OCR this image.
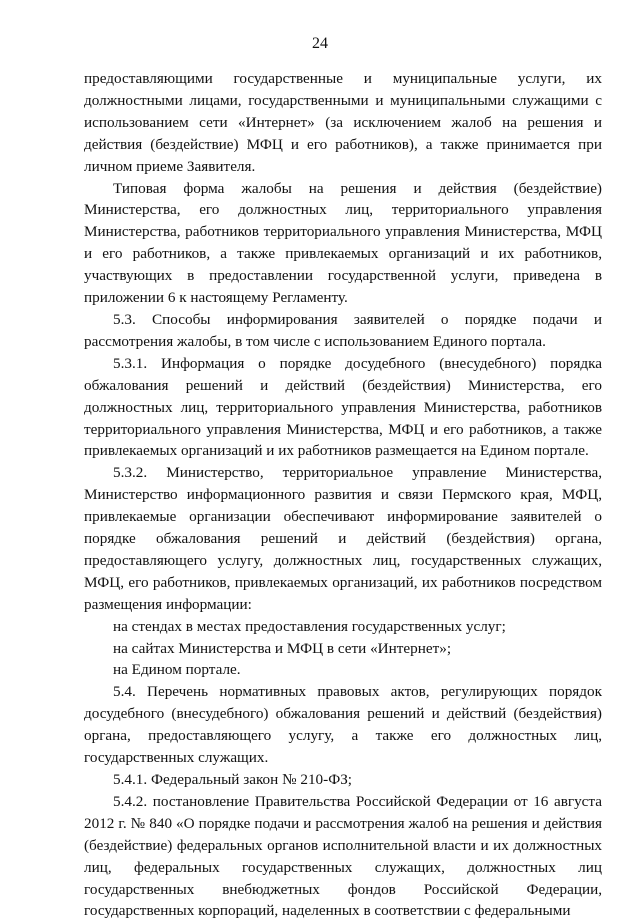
24

предоставляющими государственные и муниципальные услуги, их должностными лицами, государственными и муниципальными служащими с использованием сети «Интернет» (за исключением жалоб на решения и действия (бездействие) МФЦ и его работников), а также принимается при личном приеме Заявителя.

Типовая форма жалобы на решения и действия (бездействие) Министерства, его должностных лиц, территориального управления Министерства, работников территориального управления Министерства, МФЦ и его работников, а также привлекаемых организаций и их работников, участвующих в предоставлении государственной услуги, приведена в приложении 6 к настоящему Регламенту.

5.3. Способы информирования заявителей о порядке подачи и рассмотрения жалобы, в том числе с использованием Единого портала.

5.3.1. Информация о порядке досудебного (внесудебного) порядка обжалования решений и действий (бездействия) Министерства, его должностных лиц, территориального управления Министерства, работников территориального управления Министерства, МФЦ и его работников, а также привлекаемых организаций и их работников размещается на Едином портале.

5.3.2. Министерство, территориальное управление Министерства, Министерство информационного развития и связи Пермского края, МФЦ, привлекаемые организации обеспечивают информирование заявителей о порядке обжалования решений и действий (бездействия) органа, предоставляющего услугу, должностных лиц, государственных служащих, МФЦ, его работников, привлекаемых организаций, их работников посредством размещения информации:

на стендах в местах предоставления государственных услуг;

на сайтах Министерства и МФЦ в сети «Интернет»;

на Едином портале.

5.4. Перечень нормативных правовых актов, регулирующих порядок досудебного (внесудебного) обжалования решений и действий (бездействия) органа, предоставляющего услугу, а также его должностных лиц, государственных служащих.

5.4.1. Федеральный закон № 210-ФЗ;

5.4.2. постановление Правительства Российской Федерации от 16 августа 2012 г. № 840 «О порядке подачи и рассмотрения жалоб на решения и действия (бездействие) федеральных органов исполнительной власти и их должностных лиц, федеральных государственных служащих, должностных лиц государственных внебюджетных фондов Российской Федерации, государственных корпораций, наделенных в соответствии с федеральными
